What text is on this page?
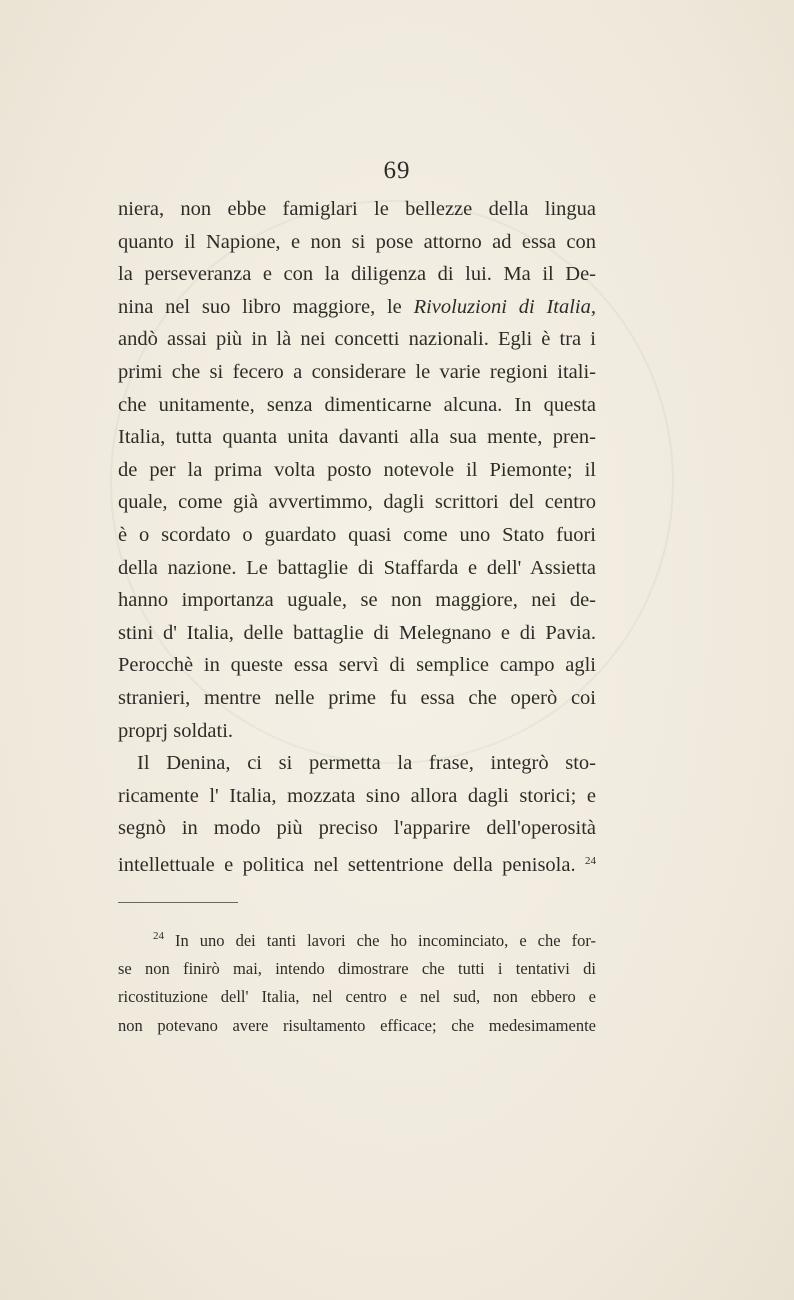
69
niera, non ebbe famiglari le bellezze della lingua
quanto il Napione, e non si pose attorno ad essa con
la perseveranza e con la diligenza di lui. Ma il De-
nina nel suo libro maggiore, le Rivoluzioni di Italia,
andò assai più in là nei concetti nazionali. Egli è tra i
primi che si fecero a considerare le varie regioni itali-
che unitamente, senza dimenticarne alcuna. In questa
Italia, tutta quanta unita davanti alla sua mente, pren-
de per la prima volta posto notevole il Piemonte; il
quale, come già avvertimmo, dagli scrittori del centro
è o scordato o guardato quasi come uno Stato fuori
della nazione. Le battaglie di Staffarda e dell' Assietta
hanno importanza uguale, se non maggiore, nei de-
stini d' Italia, delle battaglie di Melegnano e di Pavia.
Perocchè in queste essa servì di semplice campo agli
stranieri, mentre nelle prime fu essa che operò coi
proprj soldati.
Il Denina, ci si permetta la frase, integrò sto-
ricamente l' Italia, mozzata sino allora dagli storici; e
segnò in modo più preciso l'apparire dell'operosità
intellettuale e politica nel settentrione della penisola. $^{24}$
$^{24}$ In uno dei tanti lavori che ho incominciato, e che for-
se non finirò mai, intendo dimostrare che tutti i tentativi di
ricostituzione dell' Italia, nel centro e nel sud, non ebbero e
non potevano avere risultamento efficace; che medesimamente
